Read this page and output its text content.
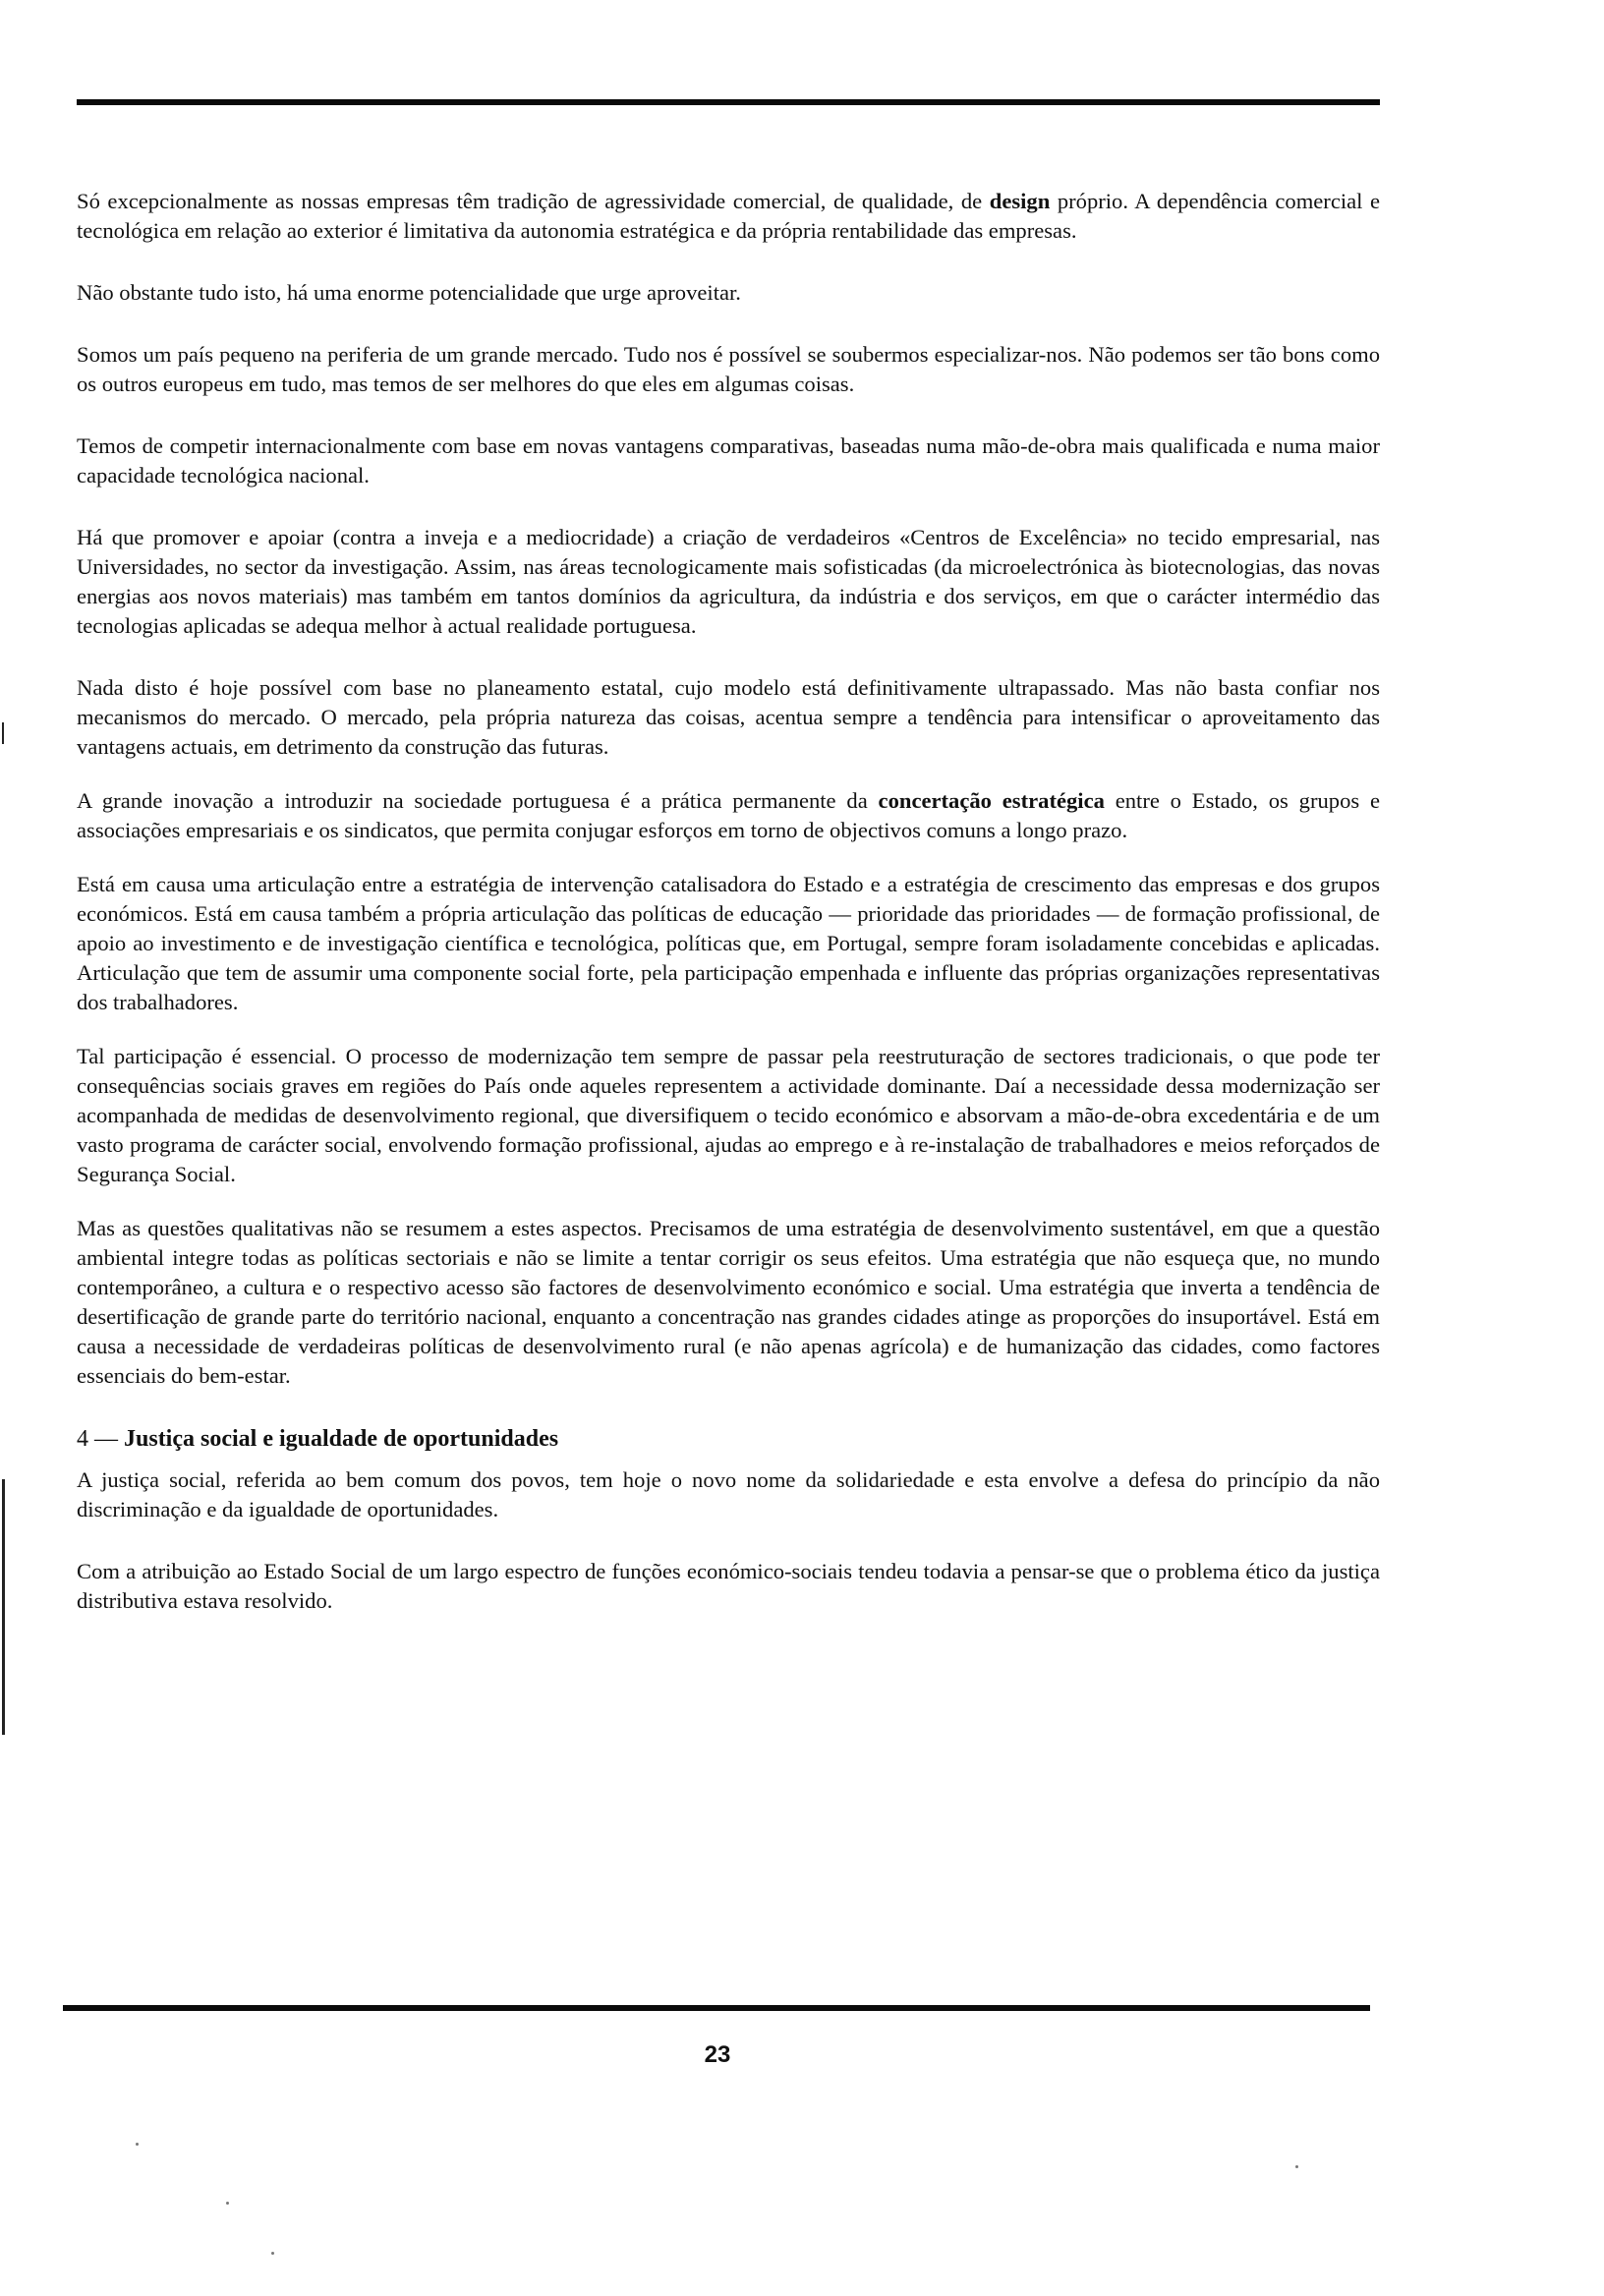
Só excepcionalmente as nossas empresas têm tradição de agressividade comercial, de qualidade, de design próprio. A dependência comercial e tecnológica em relação ao exterior é limitativa da autonomia estratégica e da própria rentabilidade das empresas.

Não obstante tudo isto, há uma enorme potencialidade que urge aproveitar.

Somos um país pequeno na periferia de um grande mercado. Tudo nos é possível se soubermos especializar-nos. Não podemos ser tão bons como os outros europeus em tudo, mas temos de ser melhores do que eles em algumas coisas.

Temos de competir internacionalmente com base em novas vantagens comparativas, baseadas numa mão-de-obra mais qualificada e numa maior capacidade tecnológica nacional.

Há que promover e apoiar (contra a inveja e a mediocridade) a criação de verdadeiros «Centros de Excelência» no tecido empresarial, nas Universidades, no sector da investigação. Assim, nas áreas tecnologicamente mais sofisticadas (da microelectrónica às biotecnologias, das novas energias aos novos materiais) mas também em tantos domínios da agricultura, da indústria e dos serviços, em que o carácter intermédio das tecnologias aplicadas se adequa melhor à actual realidade portuguesa.

Nada disto é hoje possível com base no planeamento estatal, cujo modelo está definitivamente ultrapassado. Mas não basta confiar nos mecanismos do mercado. O mercado, pela própria natureza das coisas, acentua sempre a tendência para intensificar o aproveitamento das vantagens actuais, em detrimento da construção das futuras.

A grande inovação a introduzir na sociedade portuguesa é a prática permanente da concertação estratégica entre o Estado, os grupos e associações empresariais e os sindicatos, que permita conjugar esforços em torno de objectivos comuns a longo prazo.

Está em causa uma articulação entre a estratégia de intervenção catalisadora do Estado e a estratégia de crescimento das empresas e dos grupos económicos. Está em causa também a própria articulação das políticas de educação — prioridade das prioridades — de formação profissional, de apoio ao investimento e de investigação científica e tecnológica, políticas que, em Portugal, sempre foram isoladamente concebidas e aplicadas. Articulação que tem de assumir uma componente social forte, pela participação empenhada e influente das próprias organizações representativas dos trabalhadores.

Tal participação é essencial. O processo de modernização tem sempre de passar pela reestruturação de sectores tradicionais, o que pode ter consequências sociais graves em regiões do País onde aqueles representem a actividade dominante. Daí a necessidade dessa modernização ser acompanhada de medidas de desenvolvimento regional, que diversifiquem o tecido económico e absorvam a mão-de-obra excedentária e de um vasto programa de carácter social, envolvendo formação profissional, ajudas ao emprego e à re-instalação de trabalhadores e meios reforçados de Segurança Social.

Mas as questões qualitativas não se resumem a estes aspectos. Precisamos de uma estratégia de desenvolvimento sustentável, em que a questão ambiental integre todas as políticas sectoriais e não se limite a tentar corrigir os seus efeitos. Uma estratégia que não esqueça que, no mundo contemporâneo, a cultura e o respectivo acesso são factores de desenvolvimento económico e social. Uma estratégia que inverta a tendência de desertificação de grande parte do território nacional, enquanto a concentração nas grandes cidades atinge as proporções do insuportável. Está em causa a necessidade de verdadeiras políticas de desenvolvimento rural (e não apenas agrícola) e de humanização das cidades, como factores essenciais do bem-estar.

4 — Justiça social e igualdade de oportunidades

A justiça social, referida ao bem comum dos povos, tem hoje o novo nome da solidariedade e esta envolve a defesa do princípio da não discriminação e da igualdade de oportunidades.

Com a atribuição ao Estado Social de um largo espectro de funções económico-sociais tendeu todavia a pensar-se que o problema ético da justiça distributiva estava resolvido.

23
